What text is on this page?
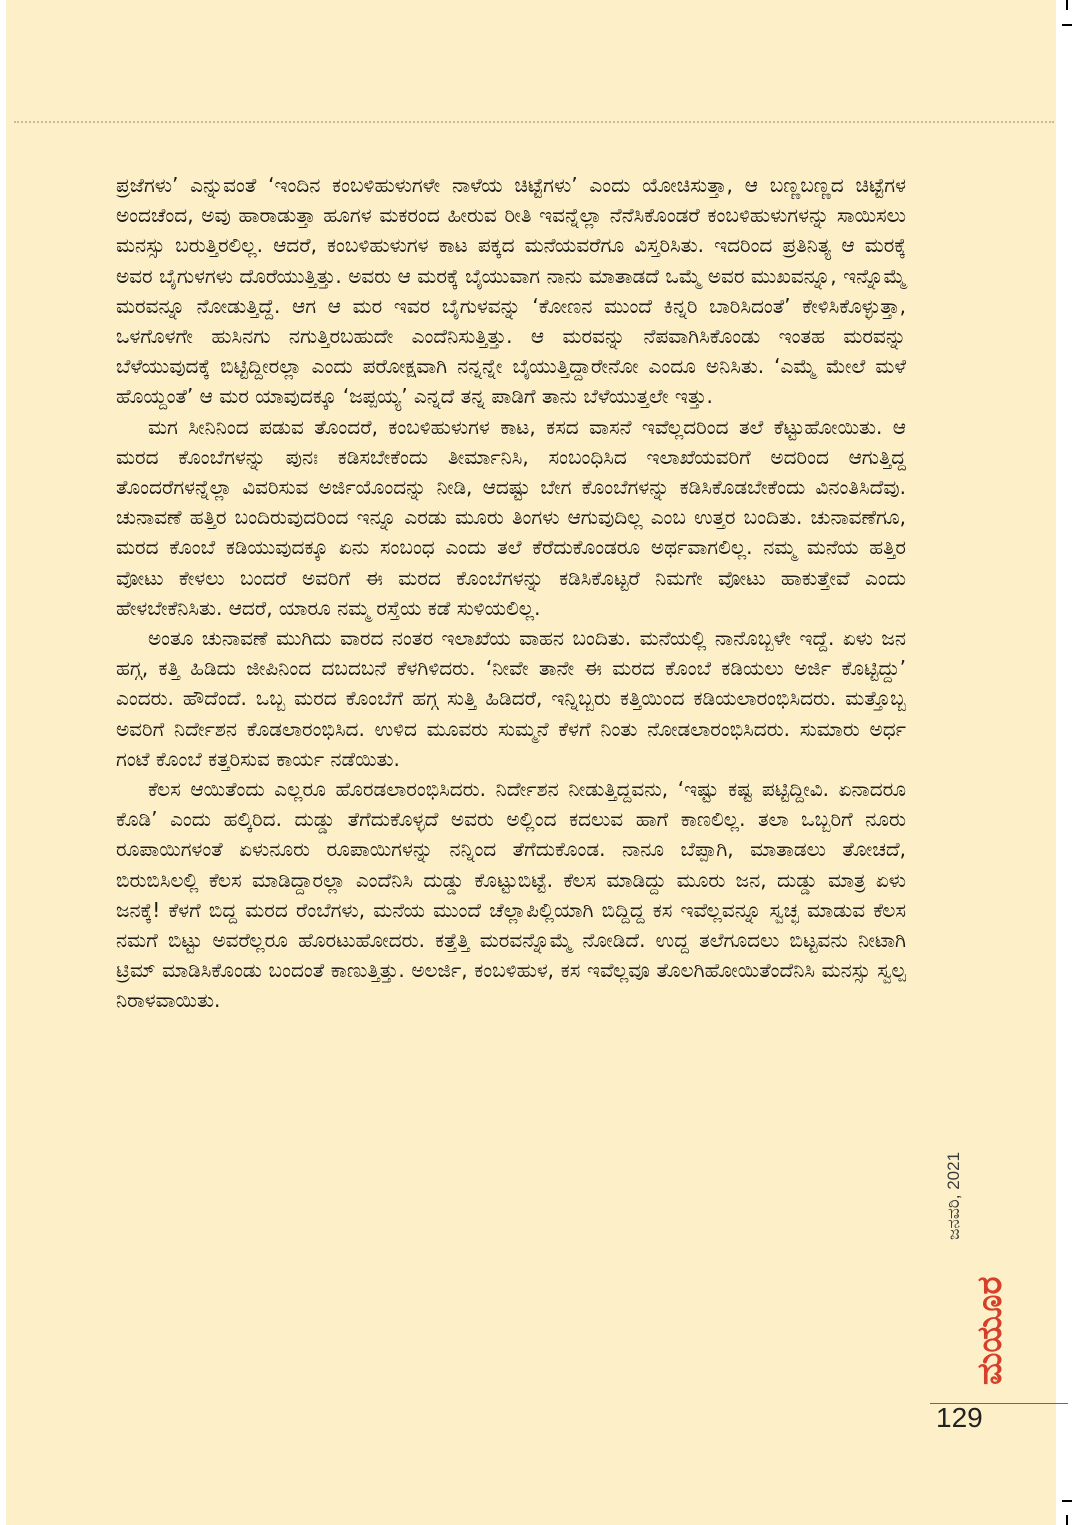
ಪ್ರಜೆಗಳು’ ಎನ್ನುವಂತೆ ‘ಇಂದಿನ ಕಂಬಳಿಹುಳುಗಳೇ ನಾಳೆಯ ಚಿಟ್ಟೆಗಳು’ ಎಂದು ಯೋಚಿಸುತ್ತಾ, ಆ ಬಣ್ಣಬಣ್ಣದ ಚಿಟ್ಟೆಗಳ ಅಂದಚೆಂದ, ಅವು ಹಾರಾಡುತ್ತಾ ಹೂಗಳ ಮಕರಂದ ಹೀರುವ ರೀತಿ ಇವನ್ನೆಲ್ಲಾ ನೆನೆಸಿಕೊಂಡರೆ ಕಂಬಳಿಹುಳುಗಳನ್ನು ಸಾಯಿಸಲು ಮನಸ್ಸು ಬರುತ್ತಿರಲಿಲ್ಲ. ಆದರೆ, ಕಂಬಳಿಹುಳುಗಳ ಕಾಟ ಪಕ್ಕದ ಮನೆಯವರೆಗೂ ವಿಸ್ತರಿಸಿತು. ಇದರಿಂದ ಪ್ರತಿನಿತ್ಯ ಆ ಮರಕ್ಕೆ ಅವರ ಬೈಗುಳಗಳು ದೊರೆಯುತ್ತಿತ್ತು. ಅವರು ಆ ಮರಕ್ಕೆ ಬೈಯುವಾಗ ನಾನು ಮಾತಾಡದೆ ಒಮ್ಮೆ ಅವರ ಮುಖವನ್ನೂ, ಇನ್ನೊಮ್ಮೆ ಮರವನ್ನೂ ನೋಡುತ್ತಿದ್ದೆ. ಆಗ ಆ ಮರ ಇವರ ಬೈಗುಳವನ್ನು ‘ಕೋಣನ ಮುಂದೆ ಕಿನ್ನರಿ ಬಾರಿಸಿದಂತೆ’ ಕೇಳಿಸಿಕೊಳ್ಳುತ್ತಾ, ಒಳಗೊಳಗೇ ಹುಸಿನಗು ನಗುತ್ತಿರಬಹುದೇ ಎಂದೆನಿಸುತ್ತಿತ್ತು. ಆ ಮರವನ್ನು ನೆಪವಾಗಿಸಿಕೊಂಡು ಇಂತಹ ಮರವನ್ನು ಬೆಳೆಯುವುದಕ್ಕೆ ಬಿಟ್ಟಿದ್ದೀರಲ್ಲಾ ಎಂದು ಪರೋಕ್ಷವಾಗಿ ನನ್ನನ್ನೇ ಬೈಯುತ್ತಿದ್ದಾರೇನೋ ಎಂದೂ ಅನಿಸಿತು. ‘ಎಮ್ಮೆ ಮೇಲೆ ಮಳೆ ಹೊಯ್ದಂತೆ’ ಆ ಮರ ಯಾವುದಕ್ಕೂ ‘ಜಪ್ಪಯ್ಯ’ ಎನ್ನದೆ ತನ್ನ ಪಾಡಿಗೆ ತಾನು ಬೆಳೆಯುತ್ತಲೇ ಇತ್ತು.

ಮಗ ಸೀನಿನಿಂದ ಪಡುವ ತೊಂದರೆ, ಕಂಬಳಿಹುಳುಗಳ ಕಾಟ, ಕಸದ ವಾಸನೆ ಇವೆಲ್ಲದರಿಂದ ತಲೆ ಕೆಟ್ಟುಹೋಯಿತು. ಆ ಮರದ ಕೊಂಬೆಗಳನ್ನು ಪುನಃ ಕಡಿಸಬೇಕೆಂದು ತೀರ್ಮಾನಿಸಿ, ಸಂಬಂಧಿಸಿದ ಇಲಾಖೆಯವರಿಗೆ ಅದರಿಂದ ಆಗುತ್ತಿದ್ದ ತೊಂದರೆಗಳನ್ನೆಲ್ಲಾ ವಿವರಿಸುವ ಅರ್ಜಿಯೊಂದನ್ನು ನೀಡಿ, ಆದಷ್ಟು ಬೇಗ ಕೊಂಬೆಗಳನ್ನು ಕಡಿಸಿಕೊಡಬೇಕೆಂದು ವಿನಂತಿಸಿದೆವು. ಚುನಾವಣೆ ಹತ್ತಿರ ಬಂದಿರುವುದರಿಂದ ಇನ್ನೂ ಎರಡು ಮೂರು ತಿಂಗಳು ಆಗುವುದಿಲ್ಲ ಎಂಬ ಉತ್ತರ ಬಂದಿತು. ಚುನಾವಣೆಗೂ, ಮರದ ಕೊಂಬೆ ಕಡಿಯುವುದಕ್ಕೂ ಏನು ಸಂಬಂಧ ಎಂದು ತಲೆ ಕೆರೆದುಕೊಂಡರೂ ಅರ್ಥವಾಗಲಿಲ್ಲ. ನಮ್ಮ ಮನೆಯ ಹತ್ತಿರ ವೋಟು ಕೇಳಲು ಬಂದರೆ ಅವರಿಗೆ ಈ ಮರದ ಕೊಂಬೆಗಳನ್ನು ಕಡಿಸಿಕೊಟ್ಟರೆ ನಿಮಗೇ ವೋಟು ಹಾಕುತ್ತೇವೆ ಎಂದು ಹೇಳಬೇಕೆನಿಸಿತು. ಆದರೆ, ಯಾರೂ ನಮ್ಮ ರಸ್ತೆಯ ಕಡೆ ಸುಳಿಯಲಿಲ್ಲ.

ಅಂತೂ ಚುನಾವಣೆ ಮುಗಿದು ವಾರದ ನಂತರ ಇಲಾಖೆಯ ವಾಹನ ಬಂದಿತು. ಮನೆಯಲ್ಲಿ ನಾನೊಬ್ಬಳೇ ಇದ್ದೆ. ಏಳು ಜನ ಹಗ್ಗ, ಕತ್ತಿ ಹಿಡಿದು ಜೀಪಿನಿಂದ ದಬದಬನೆ ಕೆಳಗಿಳಿದರು. ‘ನೀವೇ ತಾನೇ ಈ ಮರದ ಕೊಂಬೆ ಕಡಿಯಲು ಅರ್ಜಿ ಕೊಟ್ಟಿದ್ದು’ ಎಂದರು. ಹೌದೆಂದೆ. ಒಬ್ಬ ಮರದ ಕೊಂಬೆಗೆ ಹಗ್ಗ ಸುತ್ತಿ ಹಿಡಿದರೆ, ಇನ್ನಿಬ್ಬರು ಕತ್ತಿಯಿಂದ ಕಡಿಯಲಾರಂಭಿಸಿದರು. ಮತ್ತೊಬ್ಬ ಅವರಿಗೆ ನಿರ್ದೇಶನ ಕೊಡಲಾರಂಭಿಸಿದ. ಉಳಿದ ಮೂವರು ಸುಮ್ಮನೆ ಕೆಳಗೆ ನಿಂತು ನೋಡಲಾರಂಭಿಸಿದರು. ಸುಮಾರು ಅರ್ಧ ಗಂಟೆ ಕೊಂಬೆ ಕತ್ತರಿಸುವ ಕಾರ್ಯ ನಡೆಯಿತು.

ಕೆಲಸ ಆಯಿತೆಂದು ಎಲ್ಲರೂ ಹೊರಡಲಾರಂಭಿಸಿದರು. ನಿರ್ದೇಶನ ನೀಡುತ್ತಿದ್ದವನು, ‘ಇಷ್ಟು ಕಷ್ಟ ಪಟ್ಟಿದ್ದೀವಿ. ಏನಾದರೂ ಕೊಡಿ’ ಎಂದು ಹಲ್ಕಿರಿದ. ದುಡ್ಡು ತೆಗೆದುಕೊಳ್ಳದೆ ಅವರು ಅಲ್ಲಿಂದ ಕದಲುವ ಹಾಗೆ ಕಾಣಲಿಲ್ಲ. ತಲಾ ಒಬ್ಬರಿಗೆ ನೂರು ರೂಪಾಯಿಗಳಂತೆ ಏಳುನೂರು ರೂಪಾಯಿಗಳನ್ನು ನನ್ನಿಂದ ತೆಗೆದುಕೊಂಡ. ನಾನೂ ಬೆಪ್ಪಾಗಿ, ಮಾತಾಡಲು ತೋಚದೆ, ಬಿರುಬಿಸಿಲಲ್ಲಿ ಕೆಲಸ ಮಾಡಿದ್ದಾರಲ್ಲಾ ಎಂದೆನಿಸಿ ದುಡ್ಡು ಕೊಟ್ಟುಬಿಟ್ಟೆ. ಕೆಲಸ ಮಾಡಿದ್ದು ಮೂರು ಜನ, ದುಡ್ಡು ಮಾತ್ರ ಏಳು ಜನಕ್ಕೆ! ಕೆಳಗೆ ಬಿದ್ದ ಮರದ ರೆಂಬೆಗಳು, ಮನೆಯ ಮುಂದೆ ಚೆಲ್ಲಾಪಿಲ್ಲಿಯಾಗಿ ಬಿದ್ದಿದ್ದ ಕಸ ಇವೆಲ್ಲವನ್ನೂ ಸ್ವಚ್ಛ ಮಾಡುವ ಕೆಲಸ ನಮಗೆ ಬಿಟ್ಟು ಅವರೆಲ್ಲರೂ ಹೊರಟುಹೋದರು. ಕತ್ತೆತ್ತಿ ಮರವನ್ನೊಮ್ಮೆ ನೋಡಿದೆ. ಉದ್ದ ತಲೆಗೂದಲು ಬಿಟ್ಟವನು ನೀಟಾಗಿ ಟ್ರಿಮ್ ಮಾಡಿಸಿಕೊಂಡು ಬಂದಂತೆ ಕಾಣುತ್ತಿತ್ತು. ಅಲರ್ಜಿ, ಕಂಬಳಿಹುಳ, ಕಸ ಇವೆಲ್ಲವೂ ತೊಲಗಿಹೋಯಿತೆಂದೆನಿಸಿ ಮನಸ್ಸು ಸ್ವಲ್ಪ ನಿರಾಳವಾಯಿತು.

ಜನವರಿ, 2021
ಮಯೂರ
129
